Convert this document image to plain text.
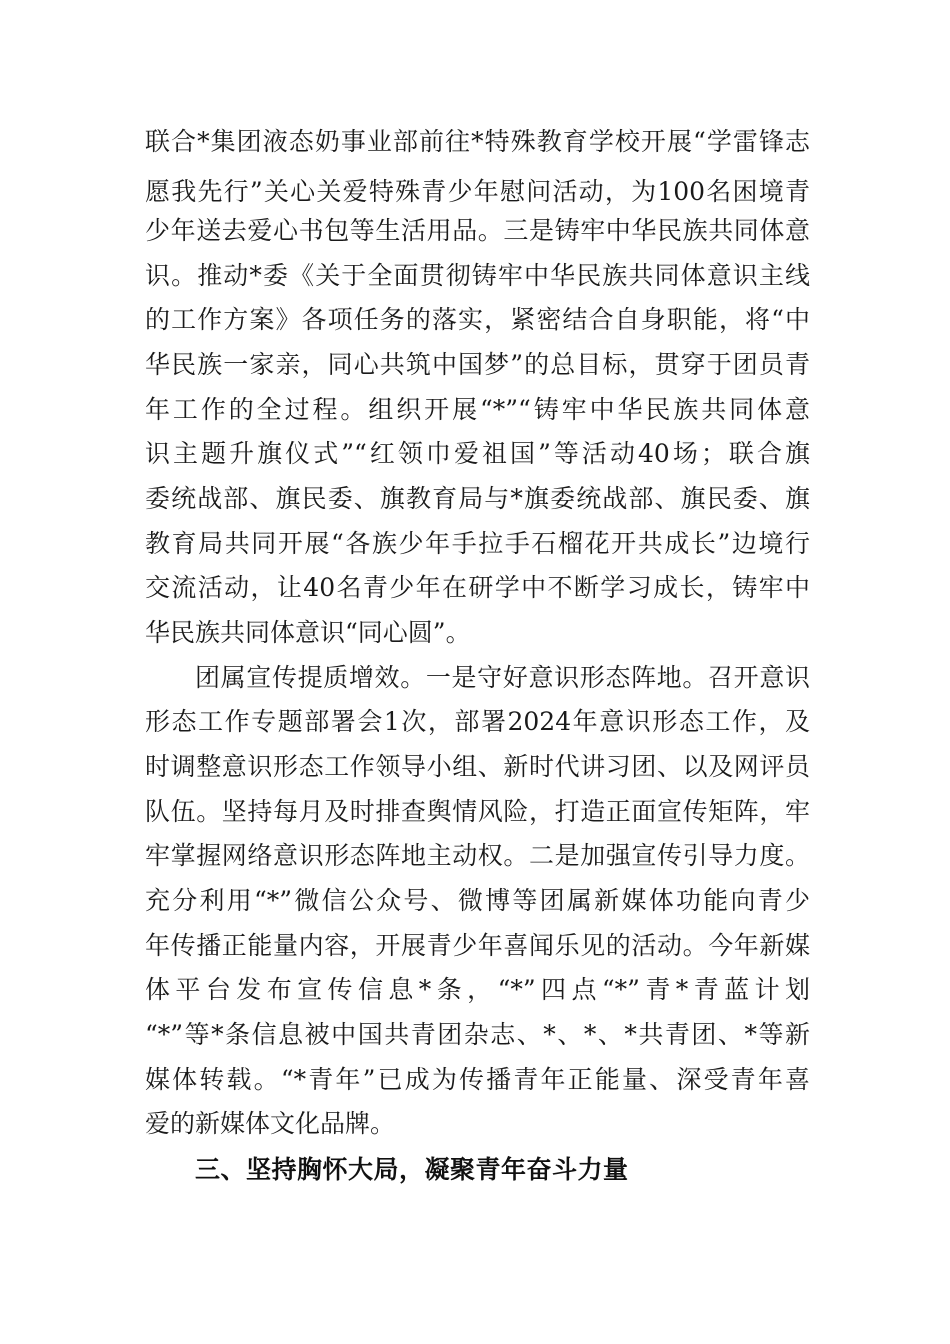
联合*集团液态奶事业部前往*特殊教育学校开展“学雷锋志
愿我先行”关心关爱特殊青少年慰问活动，为100名困境青
少年送去爱心书包等生活用品。三是铸牢中华民族共同体意
识。推动*委《关于全面贯彻铸牢中华民族共同体意识主线
的工作方案》各项任务的落实，紧密结合自身职能，将“中
华民族一家亲，同心共筑中国梦”的总目标，贯穿于团员青
年工作的全过程。组织开展“*”“铸牢中华民族共同体意
识主题升旗仪式”“红领巾爱祖国”等活动40场；联合旗
委统战部、旗民委、旗教育局与*旗委统战部、旗民委、旗
教育局共同开展“各族少年手拉手石榴花开共成长”边境行
交流活动，让40名青少年在研学中不断学习成长，铸牢中
华民族共同体意识“同心圆”。
团属宣传提质增效。一是守好意识形态阵地。召开意识
形态工作专题部署会1次，部署2024年意识形态工作，及
时调整意识形态工作领导小组、新时代讲习团、以及网评员
队伍。坚持每月及时排查舆情风险，打造正面宣传矩阵，牢
牢掌握网络意识形态阵地主动权。二是加强宣传引导力度。
充分利用“*”微信公众号、微博等团属新媒体功能向青少
年传播正能量内容，开展青少年喜闻乐见的活动。今年新媒
体平台发布宣传信息*条，“*”四点“*”青*青蓝计划
“*”等*条信息被中国共青团杂志、*、*、*共青团、*等新
媒体转载。“*青年”已成为传播青年正能量、深受青年喜
爱的新媒体文化品牌。
三、坚持胸怀大局，凝聚青年奋斗力量
